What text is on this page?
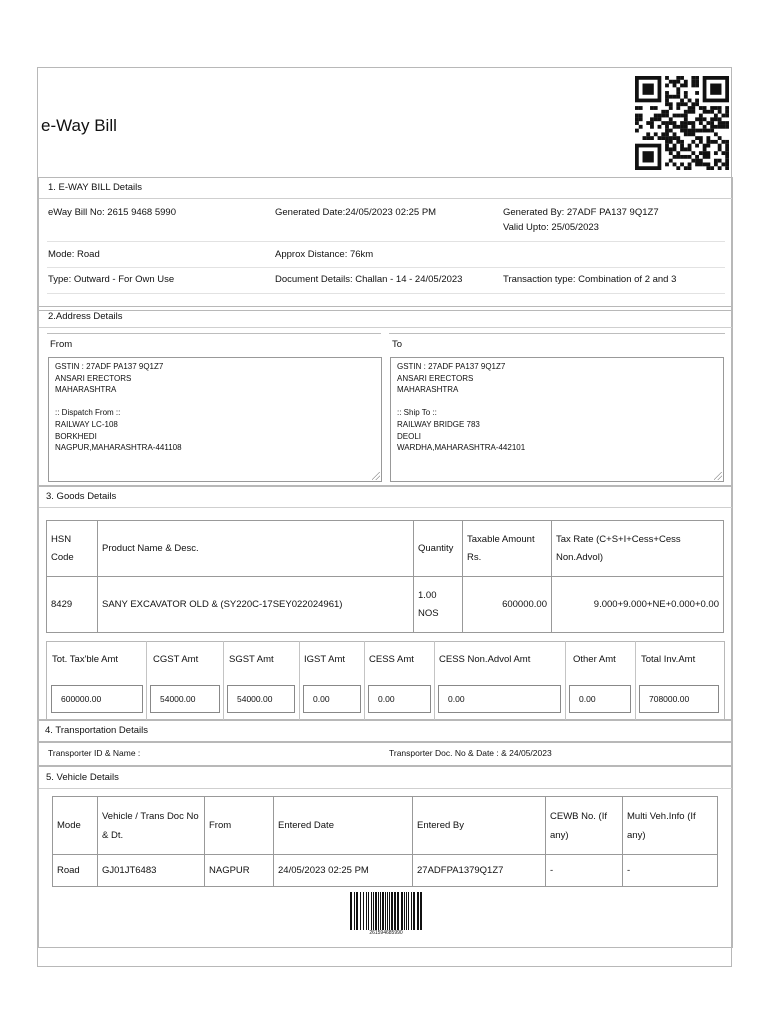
e-Way Bill
1. E-WAY BILL Details
eWay Bill No: 2615 9468 5990	Generated Date:24/05/2023 02:25 PM	Generated By: 27ADF PA137 9Q1Z7
Valid Upto: 25/05/2023
Mode: Road	Approx Distance: 76km
Type: Outward - For Own Use	Document Details: Challan - 14 - 24/05/2023	Transaction type: Combination of 2 and 3
2.Address Details
From	To
GSTIN : 27ADF PA137 9Q1Z7
ANSARI ERECTORS
MAHARASHTRA

:: Dispatch From ::
RAILWAY LC-108
BORKHEDI
NAGPUR,MAHARASHTRA-441108
GSTIN : 27ADF PA137 9Q1Z7
ANSARI ERECTORS
MAHARASHTRA

:: Ship To ::
RAILWAY BRIDGE 783
DEOLI
WARDHA,MAHARASHTRA-442101
3. Goods Details
HSN Code	Product Name & Desc.	Quantity	Taxable Amount Rs.	Tax Rate (C+S+I+Cess+Cess Non.Advol)
8429	SANY EXCAVATOR OLD & (SY220C-17SEY022024961)	1.00 NOS	600000.00	9.000+9.000+NE+0.000+0.00
Tot. Tax'ble Amt	CGST Amt	SGST Amt	IGST Amt	CESS Amt	CESS Non.Advol Amt	Other Amt	Total Inv.Amt
600000.00	54000.00	54000.00	0.00	0.00	0.00	0.00	708000.00
4. Transportation Details
Transporter ID & Name :	Transporter Doc. No & Date : & 24/05/2023
5. Vehicle Details
Mode	Vehicle / Trans Doc No & Dt.	From	Entered Date	Entered By	CEWB No. (If any)	Multi Veh.Info (If any)
Road	GJ01JT6483	NAGPUR	24/05/2023 02:25 PM	27ADFPA1379Q1Z7	-	-
261594685990
